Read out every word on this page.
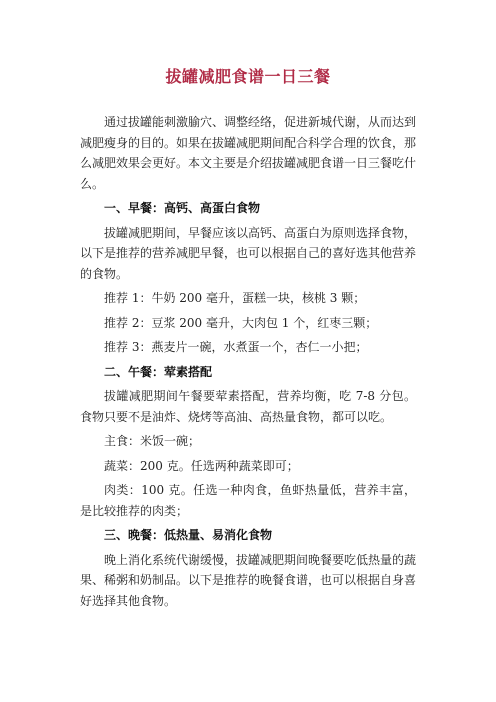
拔罐减肥食谱一日三餐

通过拔罐能刺激腧穴、调整经络，促进新城代谢，从而达到减肥瘦身的目的。如果在拔罐减肥期间配合科学合理的饮食，那么减肥效果会更好。本文主要是介绍拔罐减肥食谱一日三餐吃什么。

一、早餐：高钙、高蛋白食物

拔罐减肥期间，早餐应该以高钙、高蛋白为原则选择食物，以下是推荐的营养减肥早餐，也可以根据自己的喜好选其他营养的食物。

推荐 1：牛奶 200 毫升，蛋糕一块，核桃 3 颗；

推荐 2：豆浆 200 毫升，大肉包 1 个，红枣三颗；

推荐 3：燕麦片一碗，水煮蛋一个，杏仁一小把；

二、午餐：荤素搭配

拔罐减肥期间午餐要荤素搭配，营养均衡，吃 7-8 分包。食物只要不是油炸、烧烤等高油、高热量食物，都可以吃。

主食：米饭一碗；

蔬菜：200 克。任选两种蔬菜即可；

肉类：100 克。任选一种肉食，鱼虾热量低，营养丰富，是比较推荐的肉类；

三、晚餐：低热量、易消化食物

晚上消化系统代谢缓慢，拔罐减肥期间晚餐要吃低热量的蔬果、稀粥和奶制品。以下是推荐的晚餐食谱，也可以根据自身喜好选择其他食物。
